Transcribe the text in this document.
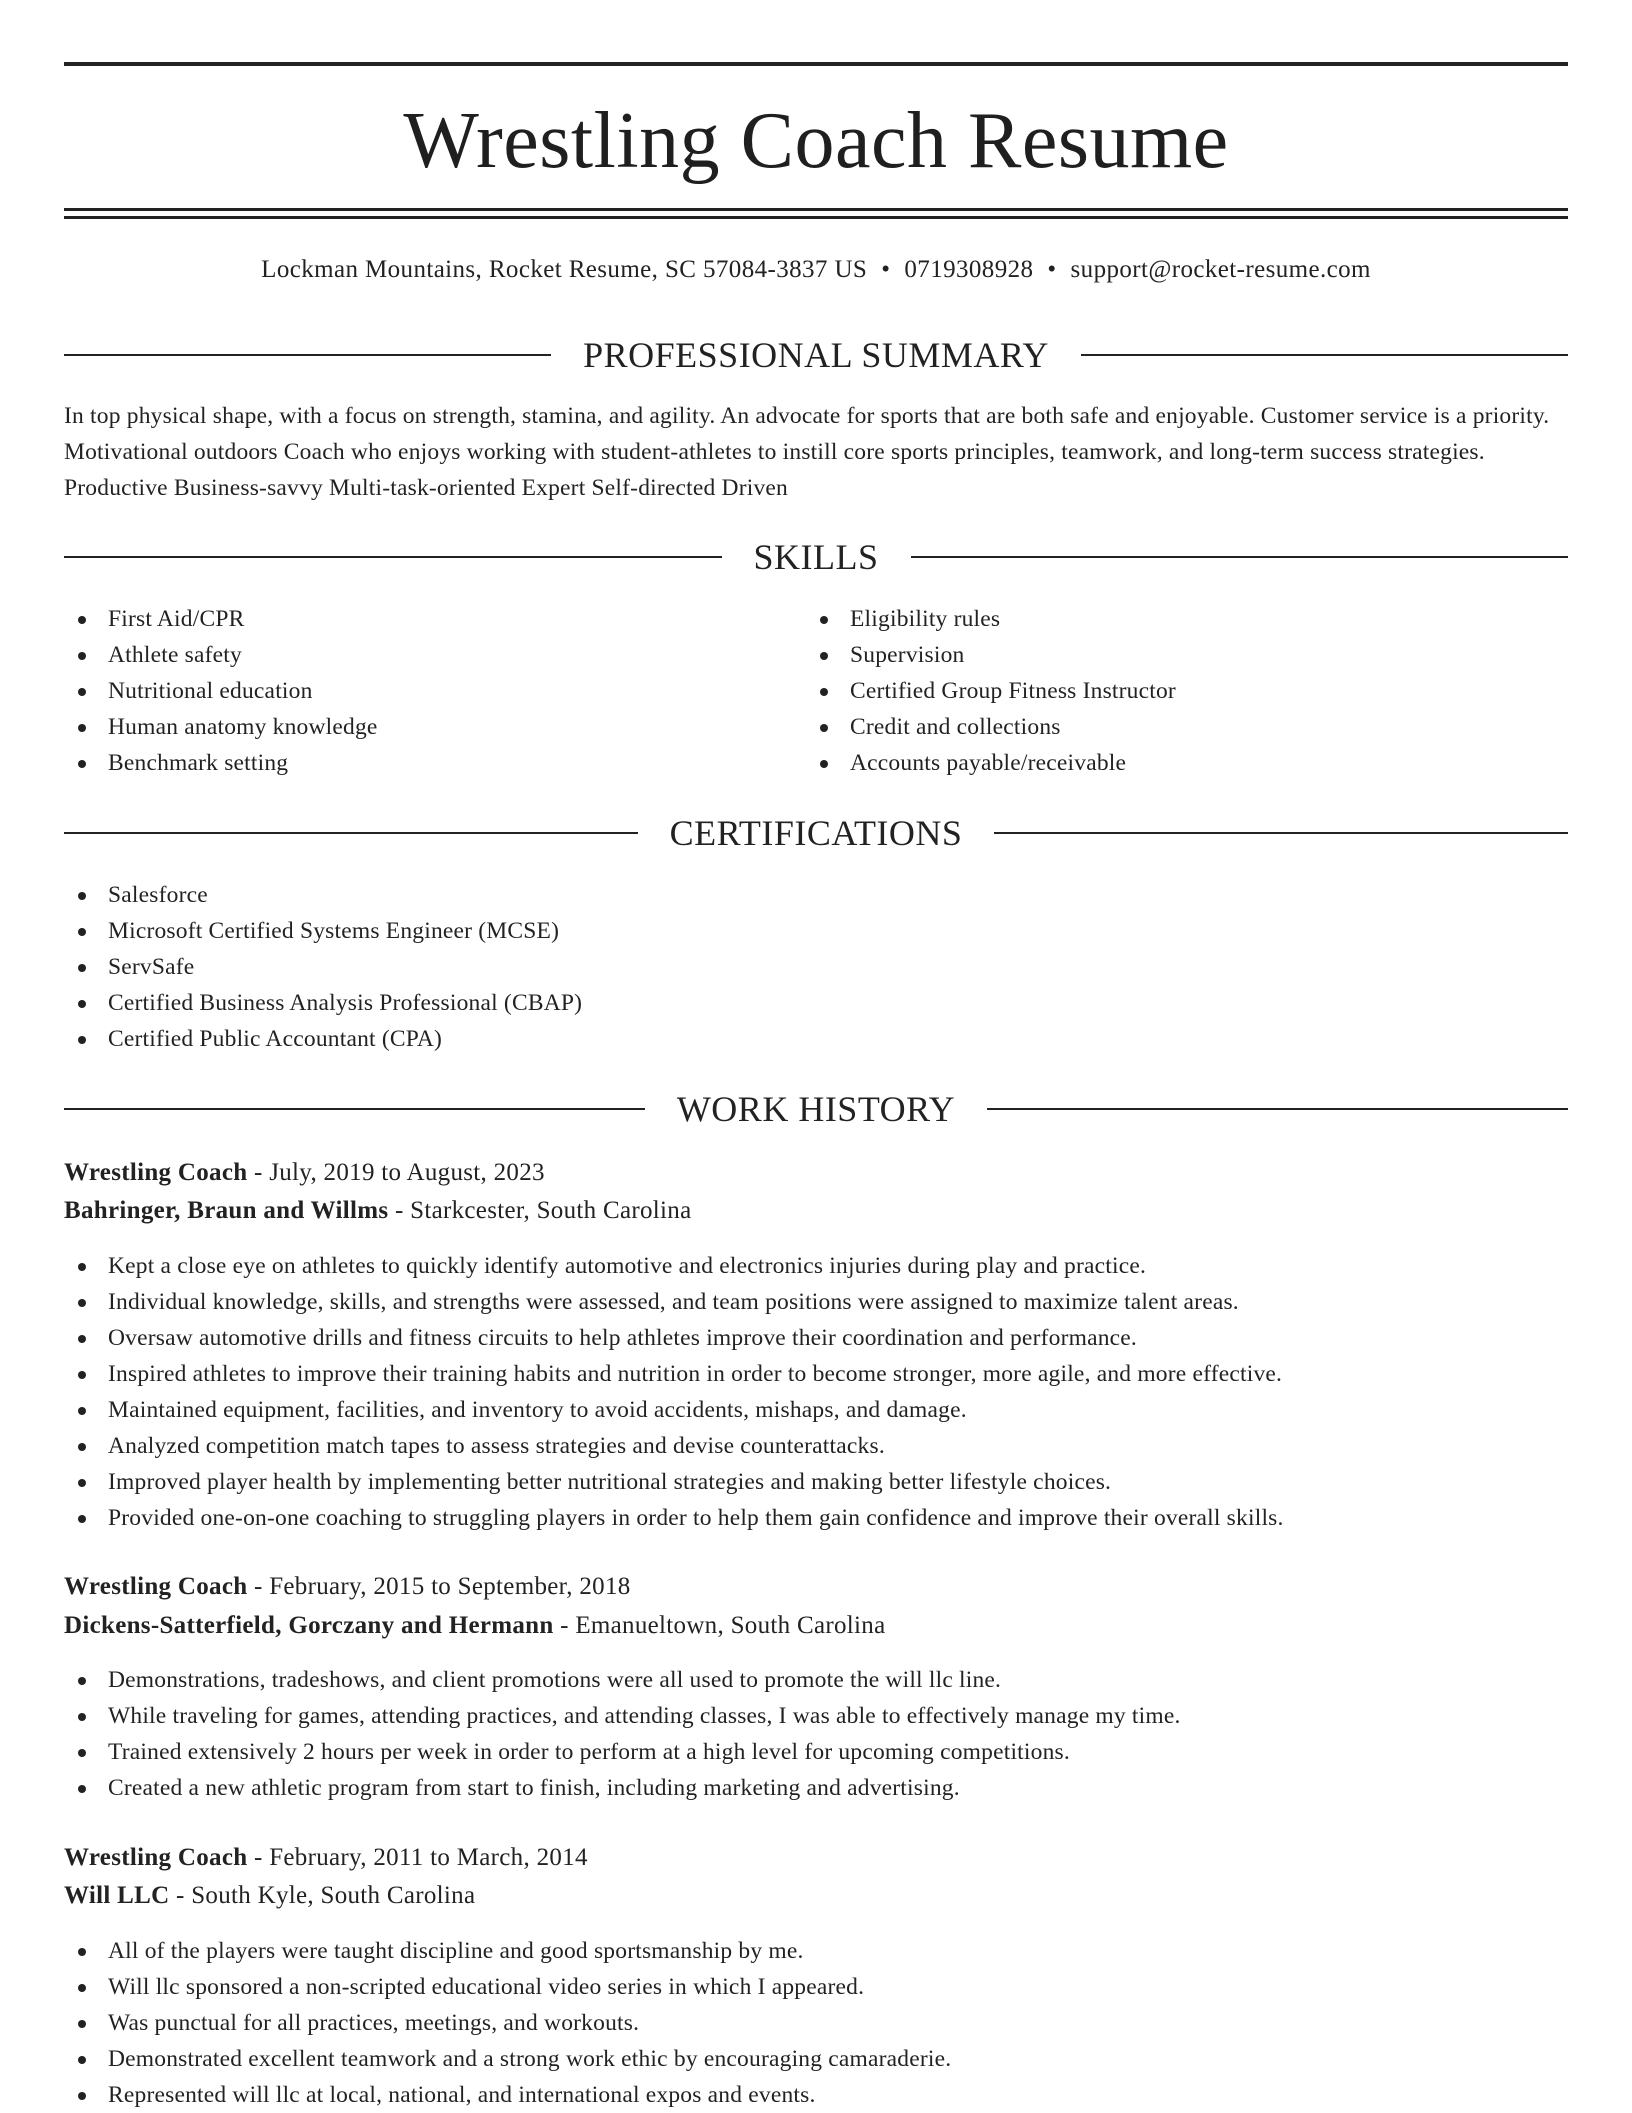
Wrestling Coach Resume
Lockman Mountains, Rocket Resume, SC 57084-3837 US • 0719308928 • support@rocket-resume.com
PROFESSIONAL SUMMARY
In top physical shape, with a focus on strength, stamina, and agility. An advocate for sports that are both safe and enjoyable. Customer service is a priority. Motivational outdoors Coach who enjoys working with student-athletes to instill core sports principles, teamwork, and long-term success strategies. Productive Business-savvy Multi-task-oriented Expert Self-directed Driven
SKILLS
First Aid/CPR
Athlete safety
Nutritional education
Human anatomy knowledge
Benchmark setting
Eligibility rules
Supervision
Certified Group Fitness Instructor
Credit and collections
Accounts payable/receivable
CERTIFICATIONS
Salesforce
Microsoft Certified Systems Engineer (MCSE)
ServSafe
Certified Business Analysis Professional (CBAP)
Certified Public Accountant (CPA)
WORK HISTORY
Wrestling Coach - July, 2019 to August, 2023
Bahringer, Braun and Willms - Starkcester, South Carolina
Kept a close eye on athletes to quickly identify automotive and electronics injuries during play and practice.
Individual knowledge, skills, and strengths were assessed, and team positions were assigned to maximize talent areas.
Oversaw automotive drills and fitness circuits to help athletes improve their coordination and performance.
Inspired athletes to improve their training habits and nutrition in order to become stronger, more agile, and more effective.
Maintained equipment, facilities, and inventory to avoid accidents, mishaps, and damage.
Analyzed competition match tapes to assess strategies and devise counterattacks.
Improved player health by implementing better nutritional strategies and making better lifestyle choices.
Provided one-on-one coaching to struggling players in order to help them gain confidence and improve their overall skills.
Wrestling Coach - February, 2015 to September, 2018
Dickens-Satterfield, Gorczany and Hermann - Emanueltown, South Carolina
Demonstrations, tradeshows, and client promotions were all used to promote the will llc line.
While traveling for games, attending practices, and attending classes, I was able to effectively manage my time.
Trained extensively 2 hours per week in order to perform at a high level for upcoming competitions.
Created a new athletic program from start to finish, including marketing and advertising.
Wrestling Coach - February, 2011 to March, 2014
Will LLC - South Kyle, South Carolina
All of the players were taught discipline and good sportsmanship by me.
Will llc sponsored a non-scripted educational video series in which I appeared.
Was punctual for all practices, meetings, and workouts.
Demonstrated excellent teamwork and a strong work ethic by encouraging camaraderie.
Represented will llc at local, national, and international expos and events.
